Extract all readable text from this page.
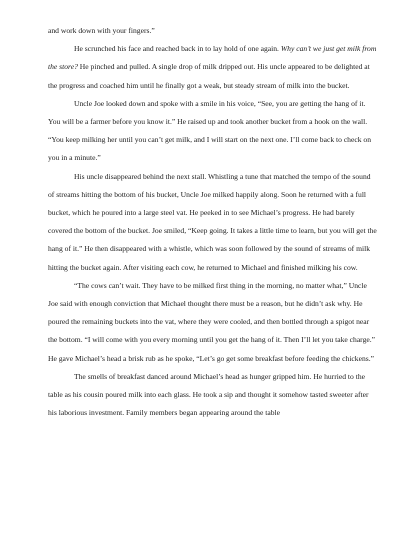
and work down with your fingers.”

He scrunched his face and reached back in to lay hold of one again. Why can’t we just get milk from the store? He pinched and pulled. A single drop of milk dripped out. His uncle appeared to be delighted at the progress and coached him until he finally got a weak, but steady stream of milk into the bucket.

Uncle Joe looked down and spoke with a smile in his voice, “See, you are getting the hang of it. You will be a farmer before you know it.” He raised up and took another bucket from a hook on the wall. “You keep milking her until you can’t get milk, and I will start on the next one. I’ll come back to check on you in a minute.”

His uncle disappeared behind the next stall. Whistling a tune that matched the tempo of the sound of streams hitting the bottom of his bucket, Uncle Joe milked happily along. Soon he returned with a full bucket, which he poured into a large steel vat. He peeked in to see Michael’s progress. He had barely covered the bottom of the bucket. Joe smiled, “Keep going. It takes a little time to learn, but you will get the hang of it.” He then disappeared with a whistle, which was soon followed by the sound of streams of milk hitting the bucket again. After visiting each cow, he returned to Michael and finished milking his cow.

“The cows can’t wait. They have to be milked first thing in the morning, no matter what,” Uncle Joe said with enough conviction that Michael thought there must be a reason, but he didn’t ask why. He poured the remaining buckets into the vat, where they were cooled, and then bottled through a spigot near the bottom. “I will come with you every morning until you get the hang of it. Then I’ll let you take charge.” He gave Michael’s head a brisk rub as he spoke, “Let’s go get some breakfast before feeding the chickens.”

The smells of breakfast danced around Michael’s head as hunger gripped him. He hurried to the table as his cousin poured milk into each glass. He took a sip and thought it somehow tasted sweeter after his laborious investment. Family members began appearing around the table
